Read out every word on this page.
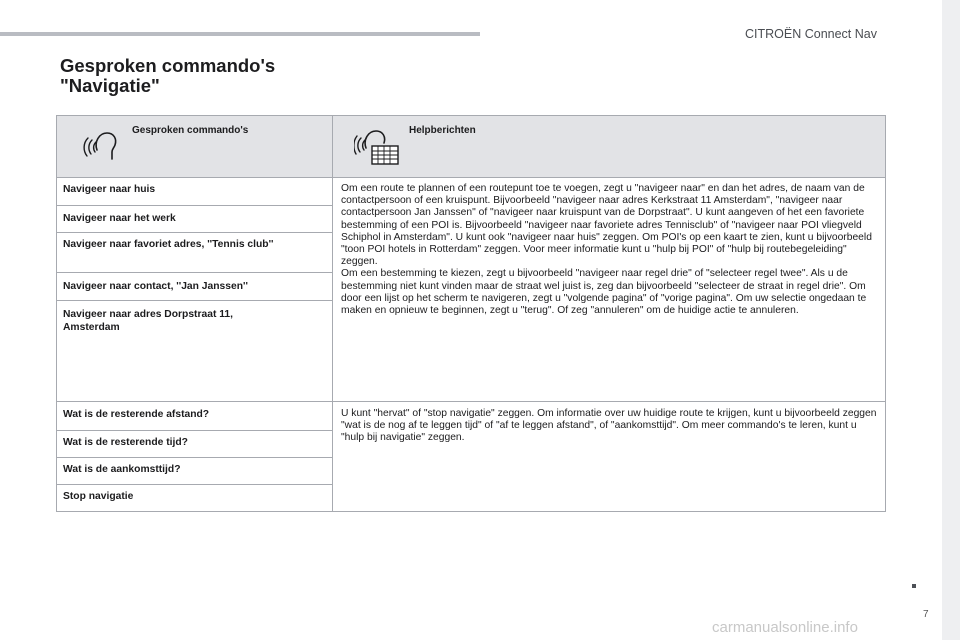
CITROËN Connect Nav
Gesproken commando's
"Navigatie"
Gesproken commando's	Helpberichten
Navigeer naar huis
Navigeer naar het werk
Navigeer naar favoriet adres, ''Tennis club''
Navigeer naar contact, ''Jan Janssen''
Navigeer naar adres Dorpstraat 11, Amsterdam

Om een route te plannen of een routepunt toe te voegen, zegt u "navigeer naar" en dan het adres, de naam van de contactpersoon of een kruispunt. Bijvoorbeeld "navigeer naar adres Kerkstraat 11 Amsterdam", "navigeer naar contactpersoon Jan Janssen" of "navigeer naar kruispunt van de Dorpstraat". U kunt aangeven of het een favoriete bestemming of een POI is. Bijvoorbeeld "navigeer naar favoriete adres Tennisclub" of "navigeer naar POI vliegveld Schiphol in Amsterdam". U kunt ook "navigeer naar huis" zeggen. Om POI's op een kaart te zien, kunt u bijvoorbeeld "toon POI hotels in Rotterdam" zeggen. Voor meer informatie kunt u "hulp bij POI" of "hulp bij routebegeleiding" zeggen.

Om een bestemming te kiezen, zegt u bijvoorbeeld "navigeer naar regel drie" of "selecteer regel twee". Als u de bestemming niet kunt vinden maar de straat wel juist is, zeg dan bijvoorbeeld "selecteer de straat in regel drie". Om door een lijst op het scherm te navigeren, zegt u "volgende pagina" of "vorige pagina". Om uw selectie ongedaan te maken en opnieuw te beginnen, zegt u "terug". Of zeg "annuleren" om de huidige actie te annuleren.

Wat is de resterende afstand?
Wat is de resterende tijd?
Wat is de aankomsttijd?
Stop navigatie

U kunt "hervat" of "stop navigatie" zeggen. Om informatie over uw huidige route te krijgen, kunt u bijvoorbeeld zeggen "wat is de nog af te leggen tijd" of "af te leggen afstand", of "aankomsttijd". Om meer commando's te leren, kunt u "hulp bij navigatie" zeggen.

7
carmanualsonline.info
